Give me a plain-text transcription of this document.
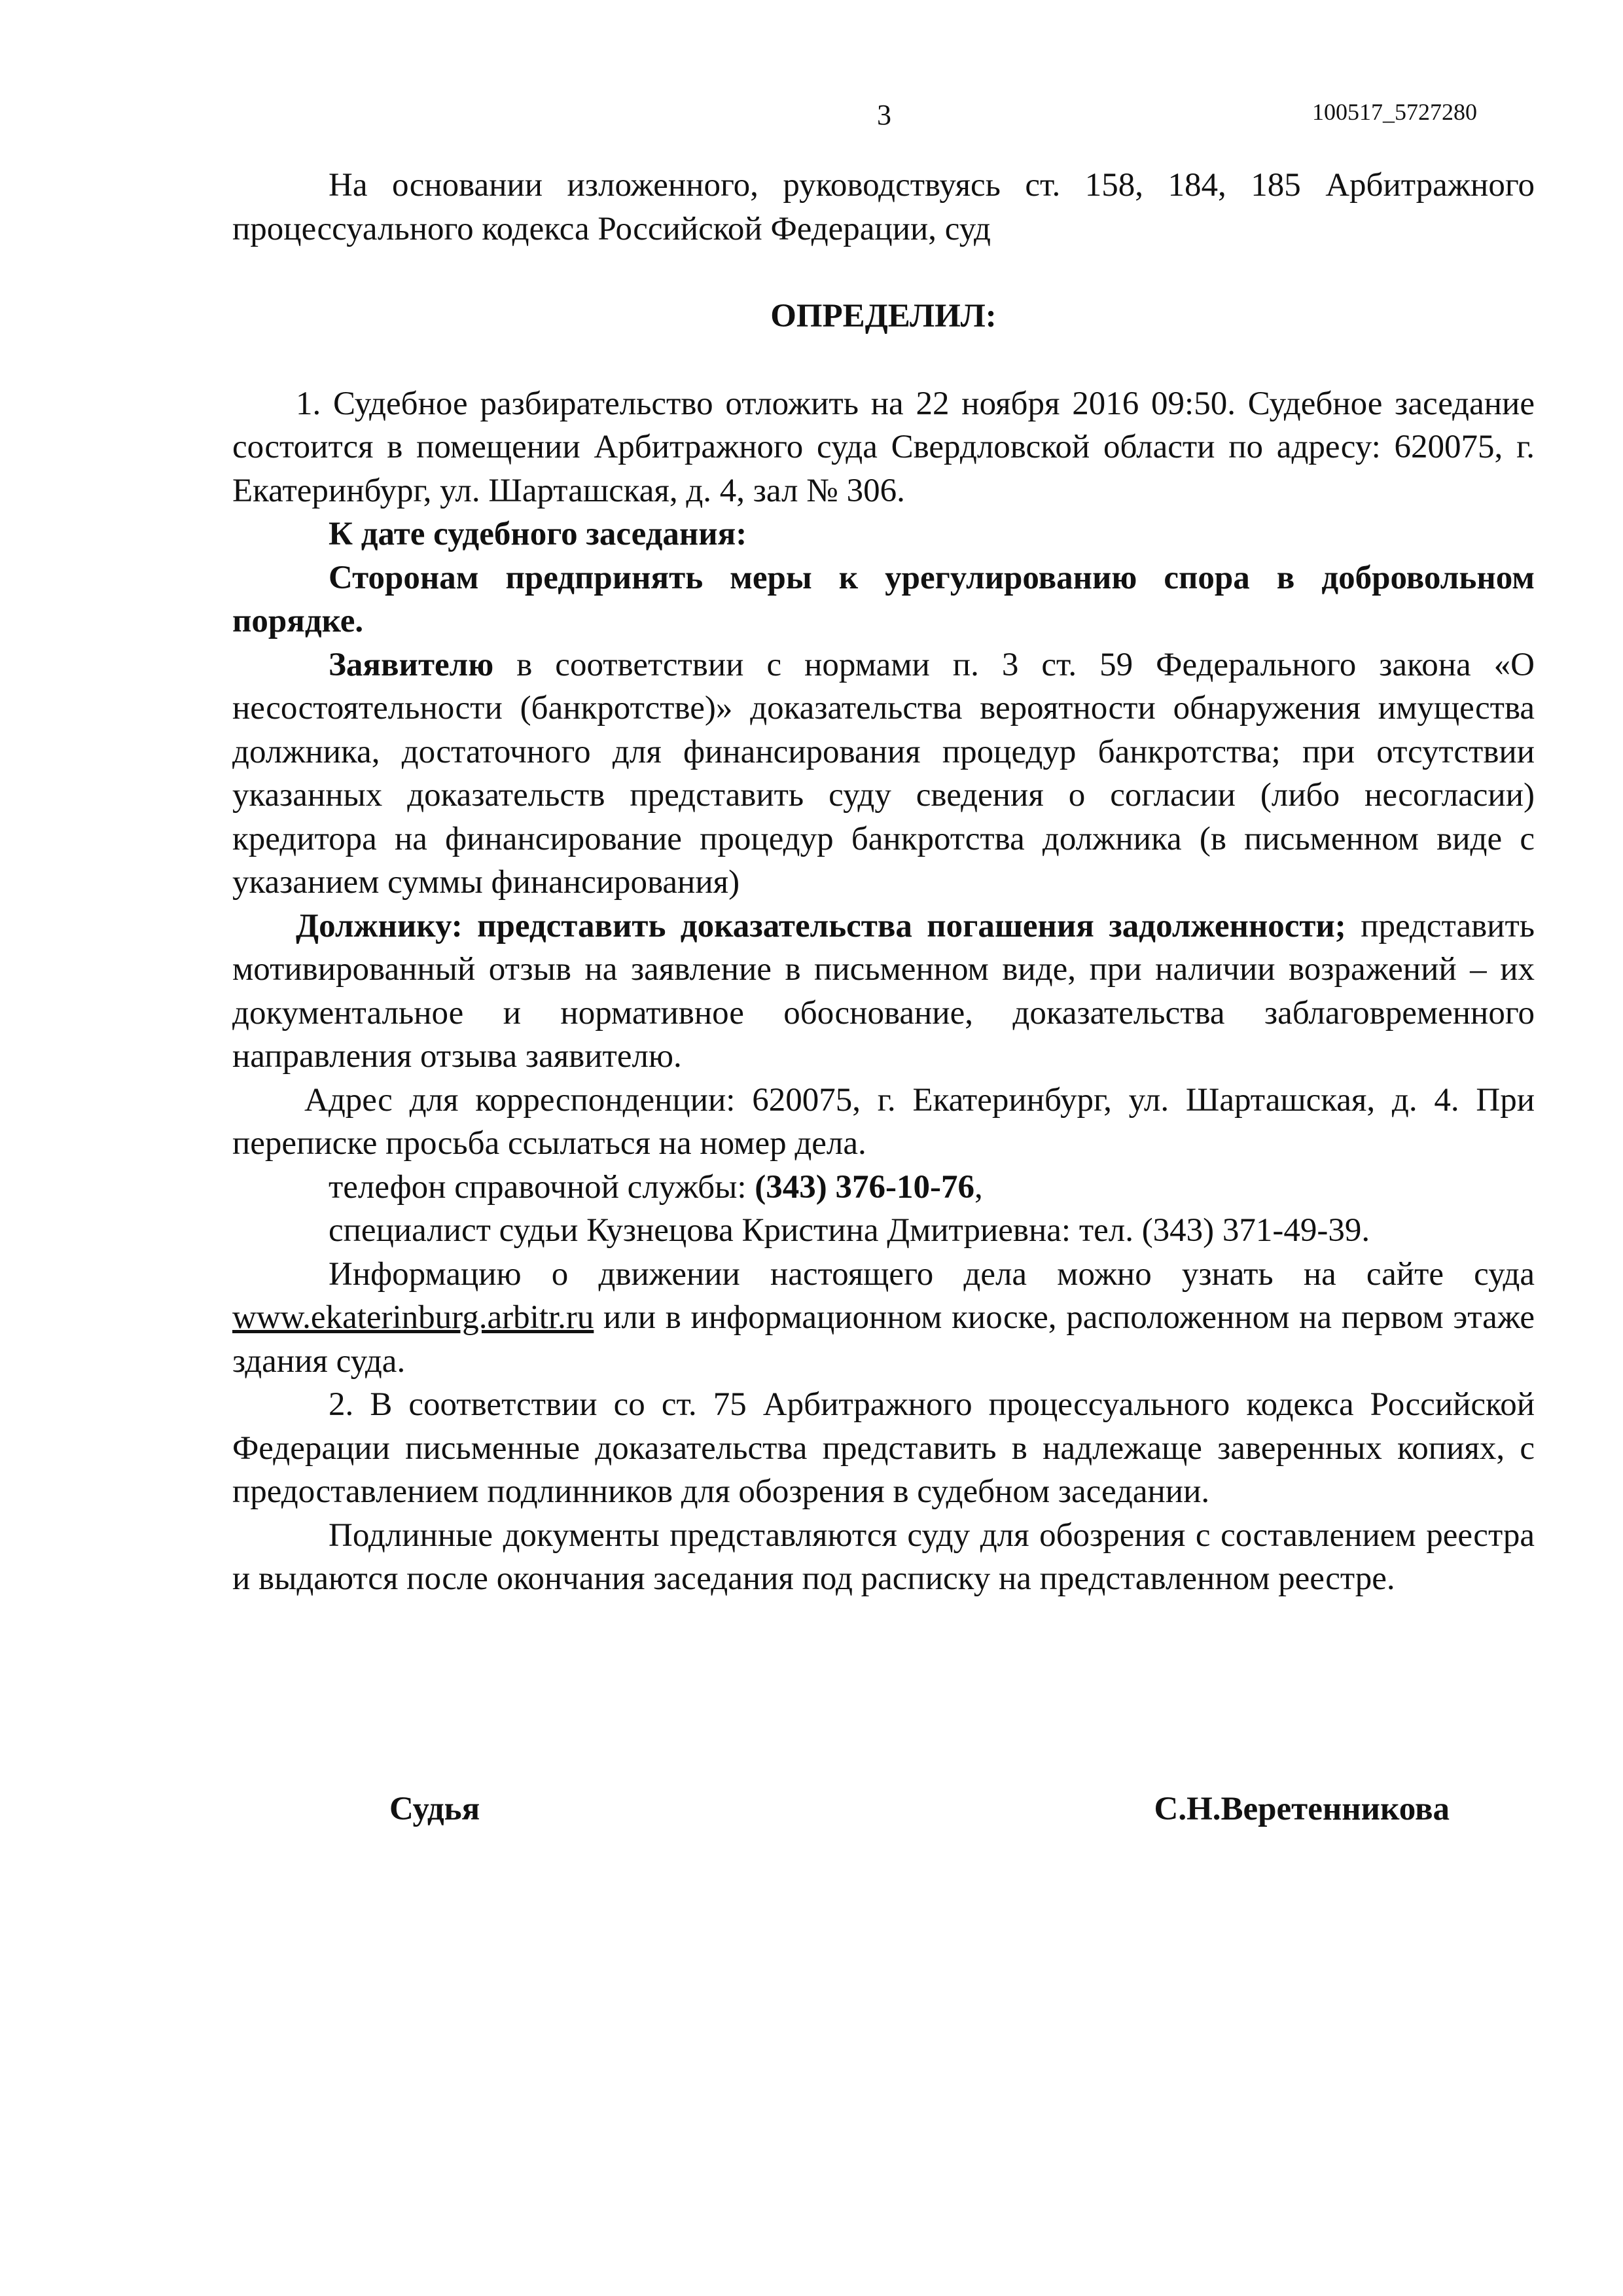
3	100517_5727280

На основании изложенного, руководствуясь ст. 158, 184, 185 Арбитражного процессуального кодекса Российской Федерации, суд

ОПРЕДЕЛИЛ:

1. Судебное разбирательство отложить на 22 ноября 2016 09:50. Судебное заседание состоится в помещении Арбитражного суда Свердловской области по адресу: 620075, г. Екатеринбург, ул. Шарташская, д. 4, зал № 306.

К дате судебного заседания:

Сторонам предпринять меры к урегулированию спора в добровольном порядке.

Заявителю в соответствии с нормами п. 3 ст. 59 Федерального закона «О несостоятельности (банкротстве)» доказательства вероятности обнаружения имущества должника, достаточного для финансирования процедур банкротства; при отсутствии указанных доказательств представить суду сведения о согласии (либо несогласии) кредитора на финансирование процедур банкротства должника (в письменном виде с указанием суммы финансирования)

Должнику: представить доказательства погашения задолженности; представить мотивированный отзыв на заявление в письменном виде, при наличии возражений – их документальное и нормативное обоснование, доказательства заблаговременного направления отзыва заявителю.

Адрес для корреспонденции: 620075, г. Екатеринбург, ул. Шарташская, д. 4. При переписке просьба ссылаться на номер дела.

телефон справочной службы: (343) 376-10-76,

специалист судьи Кузнецова Кристина Дмитриевна: тел. (343) 371-49-39.

Информацию о движении настоящего дела можно узнать на сайте суда www.ekaterinburg.arbitr.ru или в информационном киоске, расположенном на первом этаже здания суда.

2. В соответствии со ст. 75 Арбитражного процессуального кодекса Российской Федерации письменные доказательства представить в надлежаще заверенных копиях, с предоставлением подлинников для обозрения в судебном заседании.

Подлинные документы представляются суду для обозрения с составлением реестра и выдаются после окончания заседания под расписку на представленном реестре.

Судья	С.Н.Веретенникова
